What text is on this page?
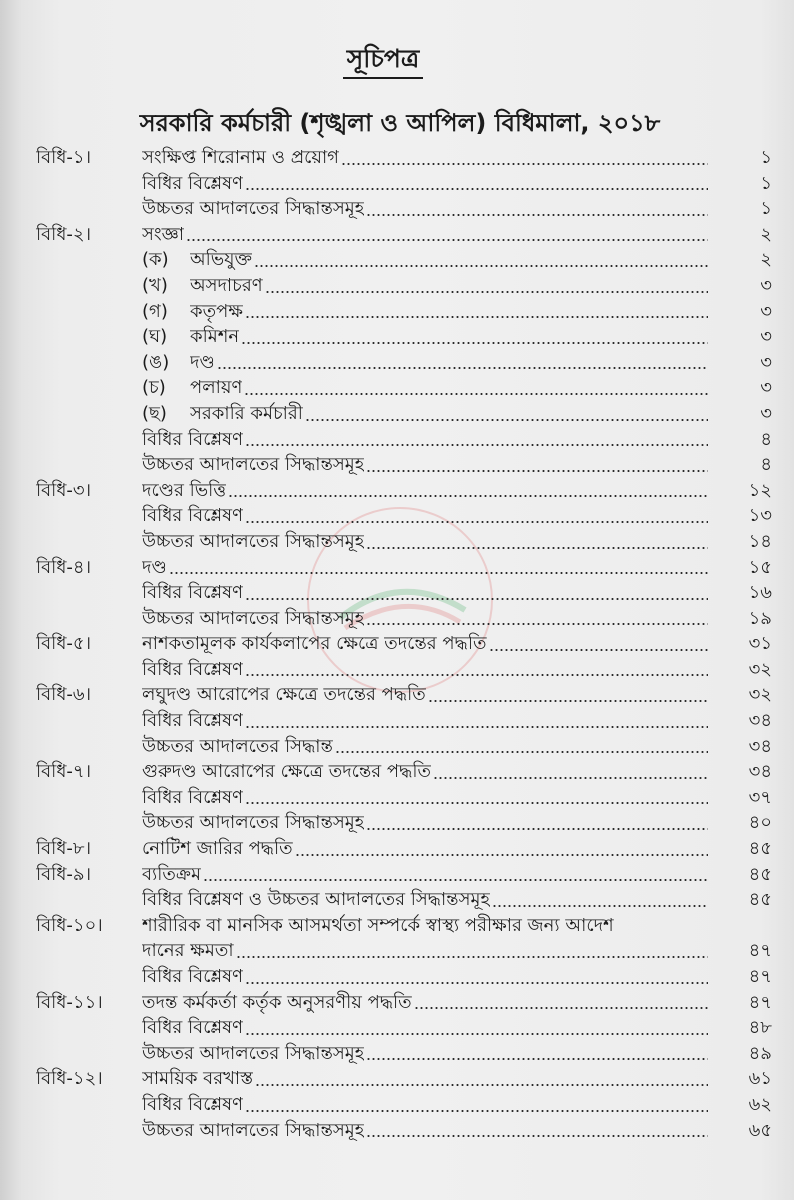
সূচিপত্র
সরকারি কর্মচারী (শৃঙ্খলা ও আপিল) বিধিমালা, ২০১৮
বিধি-১।	সংক্ষিপ্ত শিরোনাম ও প্রয়োগ	১
বিধির বিশ্লেষণ	১
উচ্চতর আদালতের সিদ্ধান্তসমূহ	১
বিধি-২।	সংজ্ঞা	২
(ক)	অভিযুক্ত	২
(খ)	অসদাচরণ	৩
(গ)	কতৃপক্ষ	৩
(ঘ)	কমিশন	৩
(ঙ)	দণ্ড	৩
(চ)	পলায়ণ	৩
(ছ)	সরকারি কর্মচারী	৩
বিধির বিশ্লেষণ	৪
উচ্চতর আদালতের সিদ্ধান্তসমূহ	৪
বিধি-৩।	দণ্ডের ভিত্তি	১২
বিধির বিশ্লেষণ	১৩
উচ্চতর আদালতের সিদ্ধান্তসমূহ	১৪
বিধি-৪।	দণ্ড	১৫
বিধির বিশ্লেষণ	১৬
উচ্চতর আদালতের সিদ্ধান্তসমূহ	১৯
বিধি-৫।	নাশকতামূলক কার্যকলাপের ক্ষেত্রে তদন্তের পদ্ধতি	৩১
বিধির বিশ্লেষণ	৩২
বিধি-৬।	লঘুদণ্ড আরোপের ক্ষেত্রে তদন্তের পদ্ধতি	৩২
বিধির বিশ্লেষণ	৩৪
উচ্চতর আদালতের সিদ্ধান্ত	৩৪
বিধি-৭।	গুরুদণ্ড আরোপের ক্ষেত্রে তদন্তের পদ্ধতি	৩৪
বিধির বিশ্লেষণ	৩৭
উচ্চতর আদালতের সিদ্ধান্তসমূহ	৪০
বিধি-৮।	নোটিশ জারির পদ্ধতি	৪৫
বিধি-৯।	ব্যতিক্রম	৪৫
বিধির বিশ্লেষণ ও উচ্চতর আদালতের সিদ্ধান্তসমূহ	৪৫
বিধি-১০।	শারীরিক বা মানসিক আসমর্থতা সম্পর্কে স্বাস্থ্য পরীক্ষার জন্য আদেশ
দানের ক্ষমতা	৪৭
বিধির বিশ্লেষণ	৪৭
বিধি-১১।	তদন্ত কর্মকর্তা কর্তৃক অনুসরণীয় পদ্ধতি	৪৭
বিধির বিশ্লেষণ	৪৮
উচ্চতর আদালতের সিদ্ধান্তসমূহ	৪৯
বিধি-১২।	সাময়িক বরখাস্ত	৬১
বিধির বিশ্লেষণ	৬২
উচ্চতর আদালতের সিদ্ধান্তসমূহ	৬৫
